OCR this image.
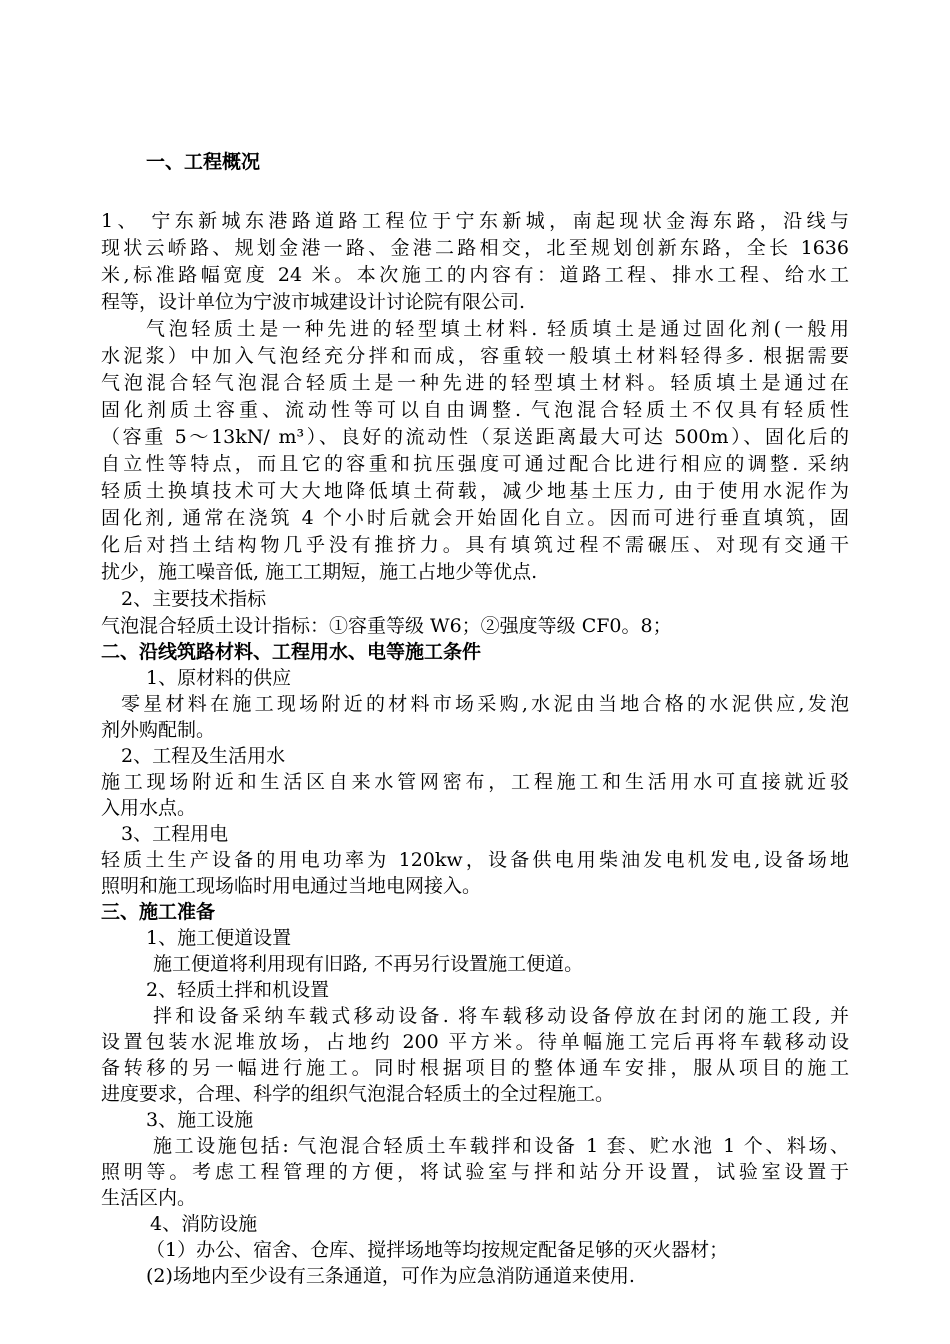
一、工程概况
1、 宁东新城东港路道路工程位于宁东新城，南起现状金海东路，沿线与
现状云峤路、规划金港一路、金港二路相交，北至规划创新东路，全长 1636
米,标准路幅宽度 24 米。本次施工的内容有：道路工程、排水工程、给水工
程等，设计单位为宁波市城建设计讨论院有限公司.
气泡轻质土是一种先进的轻型填土材料. 轻质填土是通过固化剂(一般用
水泥浆）中加入气泡经充分拌和而成，容重较一般填土材料轻得多. 根据需要
气泡混合轻气泡混合轻质土是一种先进的轻型填土材料。轻质填土是通过在
固化剂质土容重、流动性等可以自由调整. 气泡混合轻质土不仅具有轻质性
（容重 5～13kN/ m³）、良好的流动性（泵送距离最大可达 500m）、固化后的
自立性等特点，而且它的容重和抗压强度可通过配合比进行相应的调整. 采纳
轻质土换填技术可大大地降低填土荷载，减少地基土压力, 由于使用水泥作为
固化剂, 通常在浇筑 4 个小时后就会开始固化自立。因而可进行垂直填筑，固
化后对挡土结构物几乎没有推挤力。具有填筑过程不需碾压、对现有交通干
扰少，施工噪音低, 施工工期短，施工占地少等优点.
2、主要技术指标
气泡混合轻质土设计指标：①容重等级 W6；②强度等级 CF0。8；
二、沿线筑路材料、工程用水、电等施工条件
1、原材料的供应
零星材料在施工现场附近的材料市场采购,水泥由当地合格的水泥供应,发泡
剂外购配制。
2、工程及生活用水
施工现场附近和生活区自来水管网密布，工程施工和生活用水可直接就近驳
入用水点。
3、工程用电
轻质土生产设备的用电功率为 120kw，设备供电用柴油发电机发电,设备场地
照明和施工现场临时用电通过当地电网接入。
三、施工准备
1、施工便道设置
施工便道将利用现有旧路, 不再另行设置施工便道。
2、轻质土拌和机设置
拌和设备采纳车载式移动设备. 将车载移动设备停放在封闭的施工段, 并
设置包装水泥堆放场，占地约 200 平方米。待单幅施工完后再将车载移动设
备转移的另一幅进行施工。同时根据项目的整体通车安排，服从项目的施工
进度要求，合理、科学的组织气泡混合轻质土的全过程施工。
3、施工设施
施工设施包括: 气泡混合轻质土车载拌和设备 1 套、贮水池 1 个、料场、
照明等。考虑工程管理的方便，将试验室与拌和站分开设置，试验室设置于
生活区内。
4、消防设施
（1）办公、宿舍、仓库、搅拌场地等均按规定配备足够的灭火器材；
(2)场地内至少设有三条通道，可作为应急消防通道来使用.
